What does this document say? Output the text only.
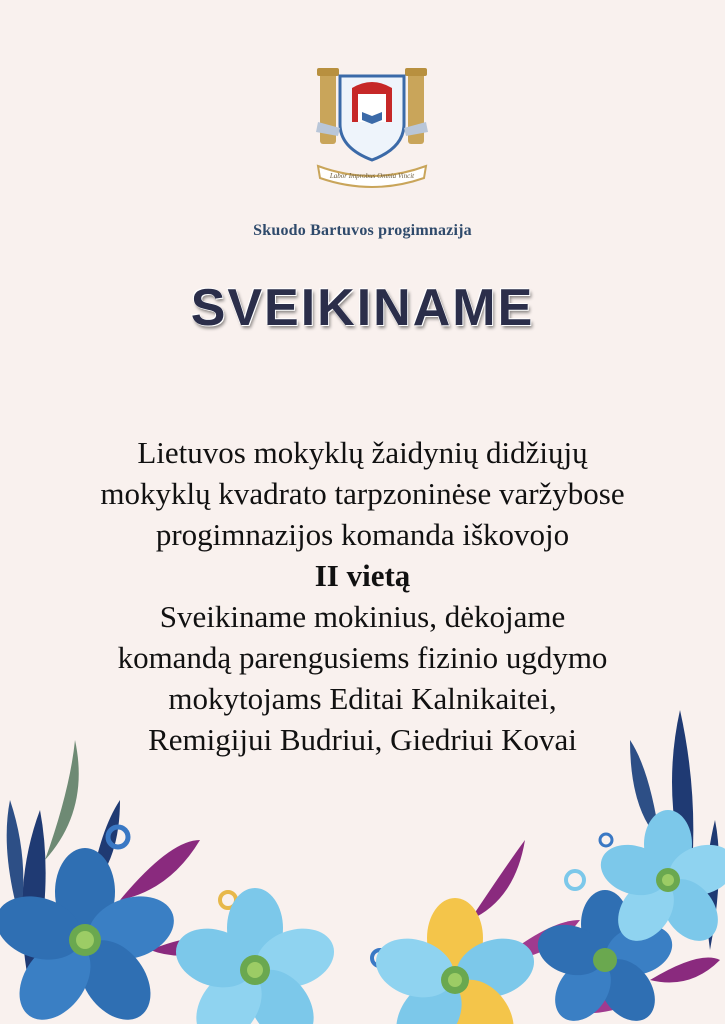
Labor Improbus Omnia Vincit
Skuodo Bartuvos progimnazija
SVEIKINAME
Lietuvos mokyklų žaidynių didžiųjų
mokyklų kvadrato tarpzoninėse varžybose
progimnazijos komanda iškovojo
II vietą
Sveikiname mokinius, dėkojame
komandą parengusiems fizinio ugdymo
mokytojams Editai Kalnikaitei,
Remigijui Budriui, Giedriui Kovai
